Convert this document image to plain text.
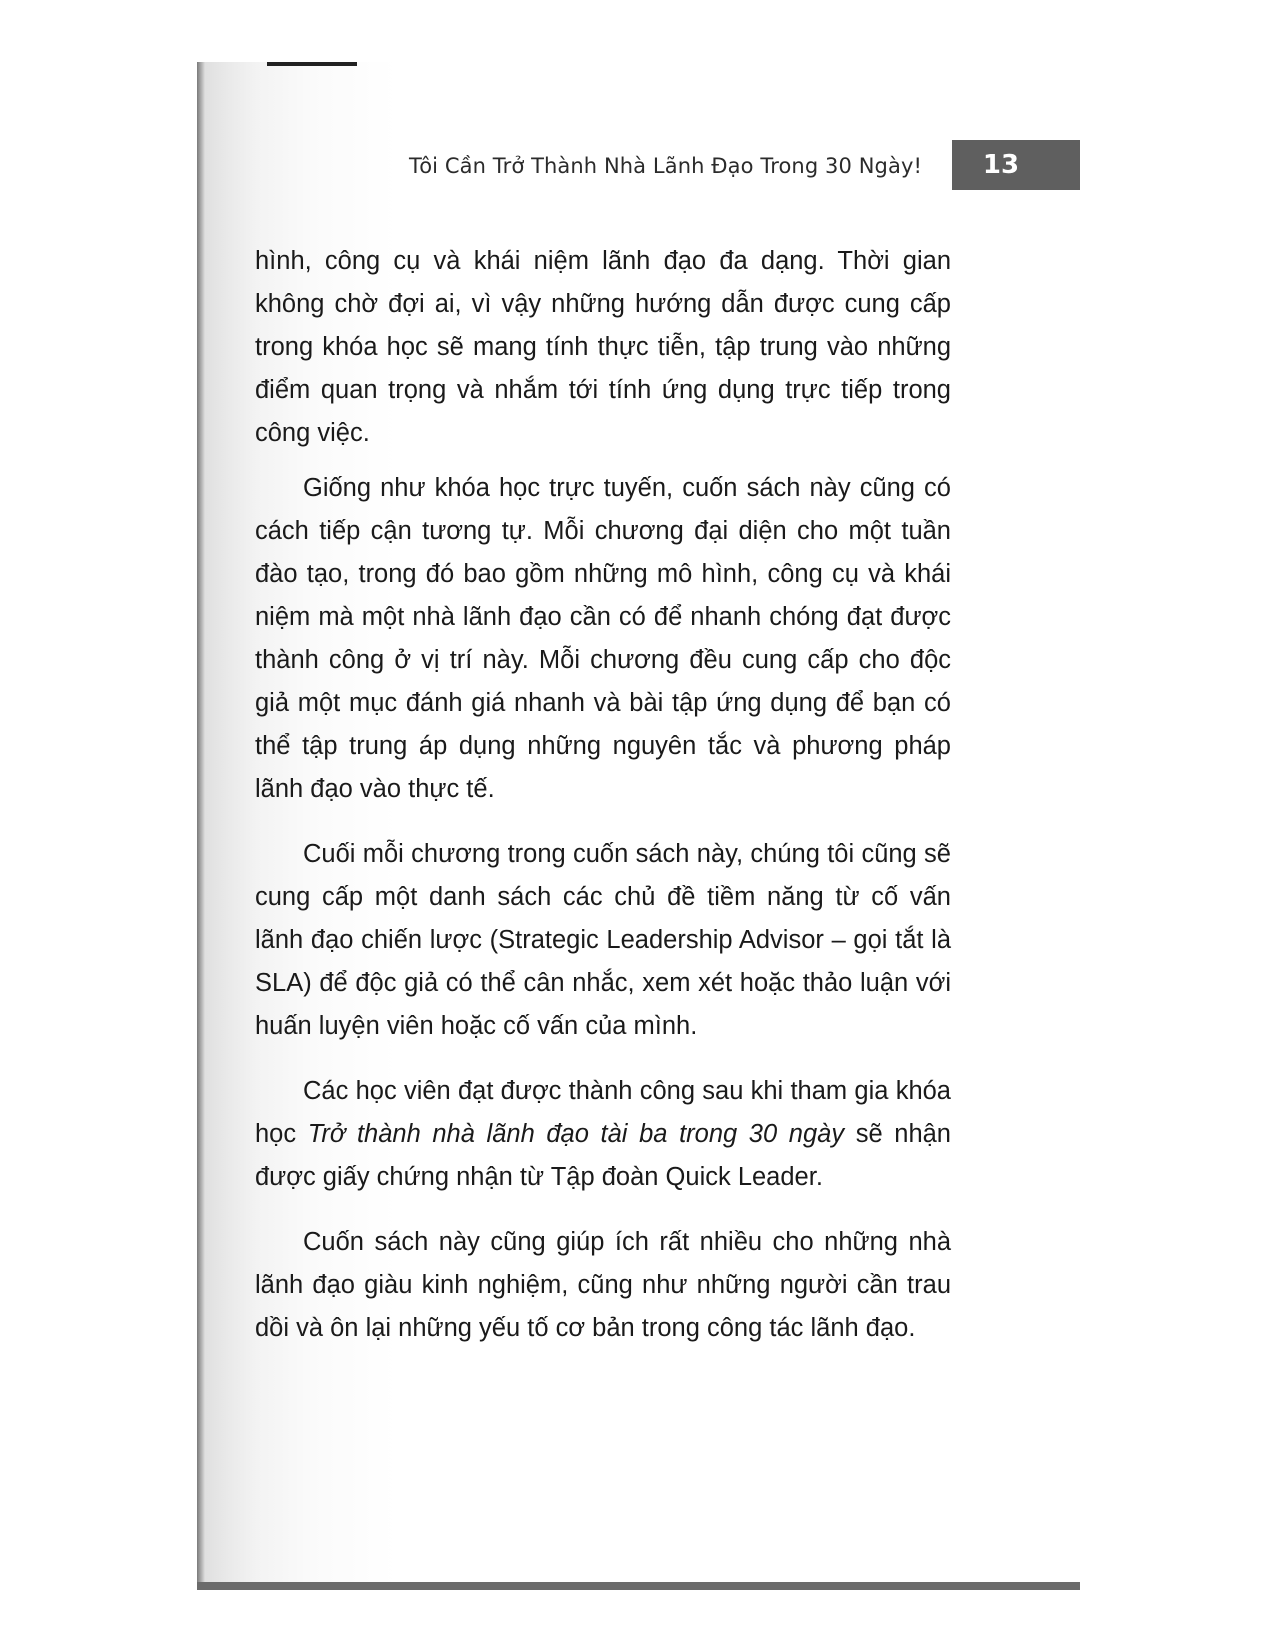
Tôi Cần Trở Thành Nhà Lãnh Đạo Trong 30 Ngày! 13

hình, công cụ và khái niệm lãnh đạo đa dạng. Thời gian không chờ đợi ai, vì vậy những hướng dẫn được cung cấp trong khóa học sẽ mang tính thực tiễn, tập trung vào những điểm quan trọng và nhắm tới tính ứng dụng trực tiếp trong công việc.

Giống như khóa học trực tuyến, cuốn sách này cũng có cách tiếp cận tương tự. Mỗi chương đại diện cho một tuần đào tạo, trong đó bao gồm những mô hình, công cụ và khái niệm mà một nhà lãnh đạo cần có để nhanh chóng đạt được thành công ở vị trí này. Mỗi chương đều cung cấp cho độc giả một mục đánh giá nhanh và bài tập ứng dụng để bạn có thể tập trung áp dụng những nguyên tắc và phương pháp lãnh đạo vào thực tế.

Cuối mỗi chương trong cuốn sách này, chúng tôi cũng sẽ cung cấp một danh sách các chủ đề tiềm năng từ cố vấn lãnh đạo chiến lược (Strategic Leadership Advisor – gọi tắt là SLA) để độc giả có thể cân nhắc, xem xét hoặc thảo luận với huấn luyện viên hoặc cố vấn của mình.

Các học viên đạt được thành công sau khi tham gia khóa học Trở thành nhà lãnh đạo tài ba trong 30 ngày sẽ nhận được giấy chứng nhận từ Tập đoàn Quick Leader.

Cuốn sách này cũng giúp ích rất nhiều cho những nhà lãnh đạo giàu kinh nghiệm, cũng như những người cần trau dồi và ôn lại những yếu tố cơ bản trong công tác lãnh đạo.
